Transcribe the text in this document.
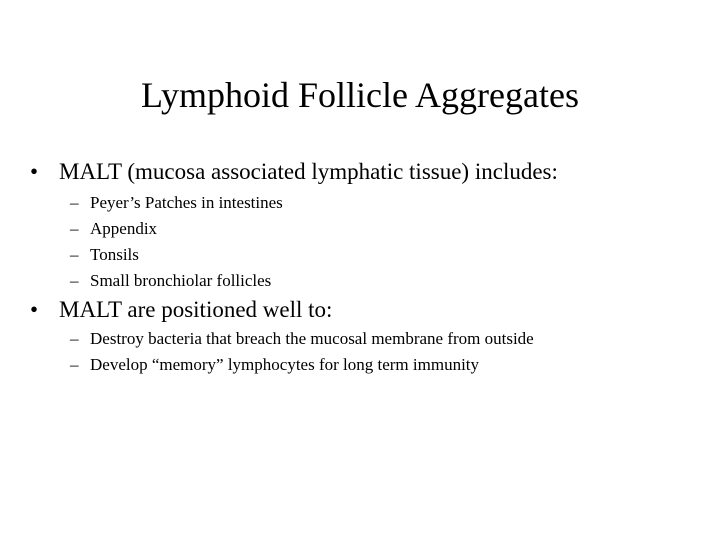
Lymphoid Follicle Aggregates
• MALT (mucosa associated lymphatic tissue) includes:
– Peyer’s Patches in intestines
– Appendix
– Tonsils
– Small bronchiolar follicles
• MALT are positioned well to:
– Destroy bacteria that breach the mucosal membrane from outside
– Develop “memory” lymphocytes for long term immunity
